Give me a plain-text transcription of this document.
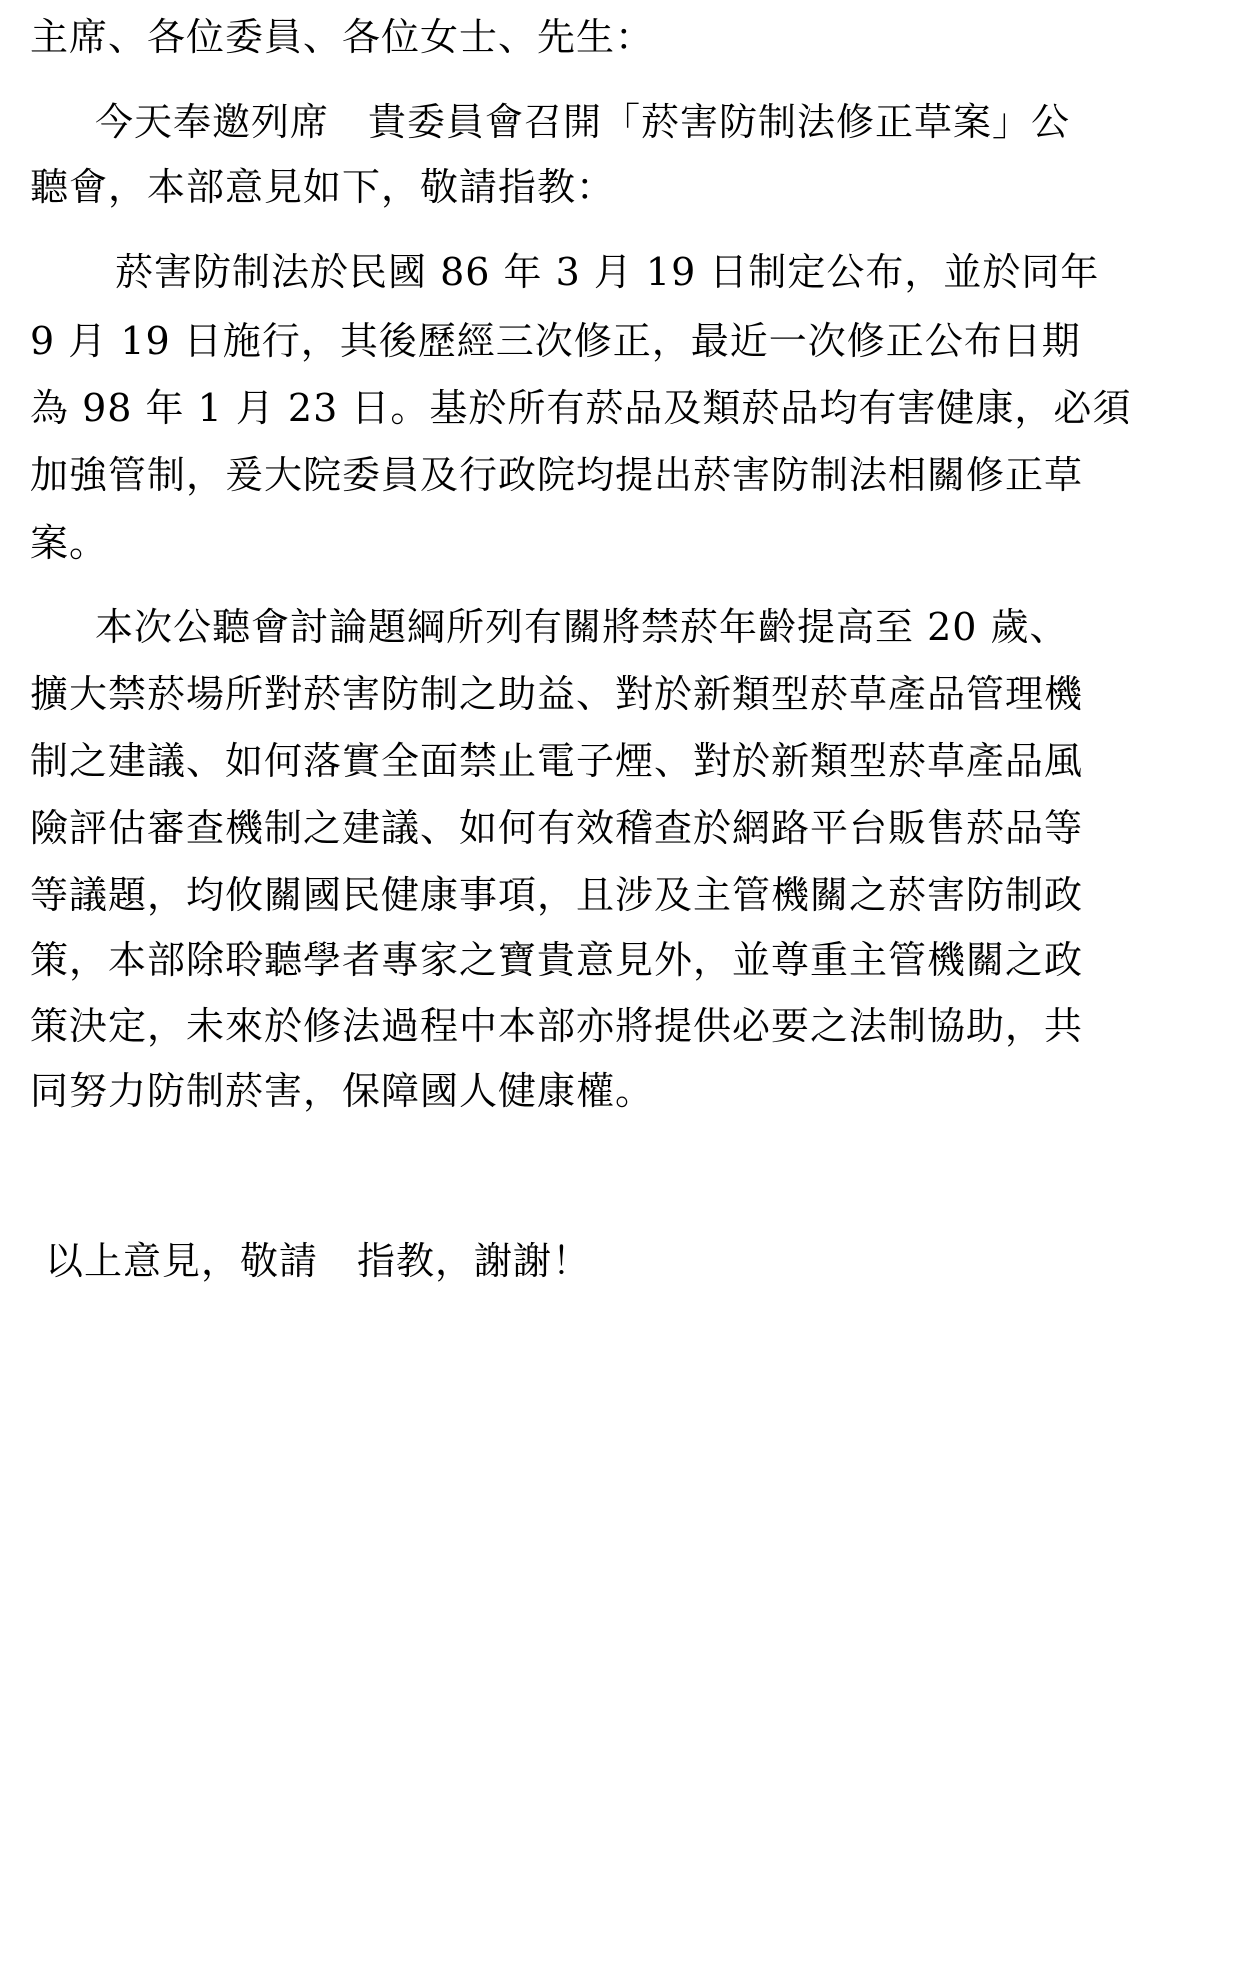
主席、各位委員、各位女士、先生：
今天奉邀列席　貴委員會召開「菸害防制法修正草案」公
聽會，本部意見如下，敬請指教：
菸害防制法於民國 86 年 3 月 19 日制定公布，並於同年
9 月 19 日施行，其後歷經三次修正，最近一次修正公布日期
為 98 年 1 月 23 日。基於所有菸品及類菸品均有害健康，必須
加強管制，爰大院委員及行政院均提出菸害防制法相關修正草
案。
本次公聽會討論題綱所列有關將禁菸年齡提高至 20 歲、
擴大禁菸場所對菸害防制之助益、對於新類型菸草產品管理機
制之建議、如何落實全面禁止電子煙、對於新類型菸草產品風
險評估審查機制之建議、如何有效稽查於網路平台販售菸品等
等議題，均攸關國民健康事項，且涉及主管機關之菸害防制政
策，本部除聆聽學者專家之寶貴意見外，並尊重主管機關之政
策決定，未來於修法過程中本部亦將提供必要之法制協助，共
同努力防制菸害，保障國人健康權。
以上意見，敬請　指教，謝謝！
